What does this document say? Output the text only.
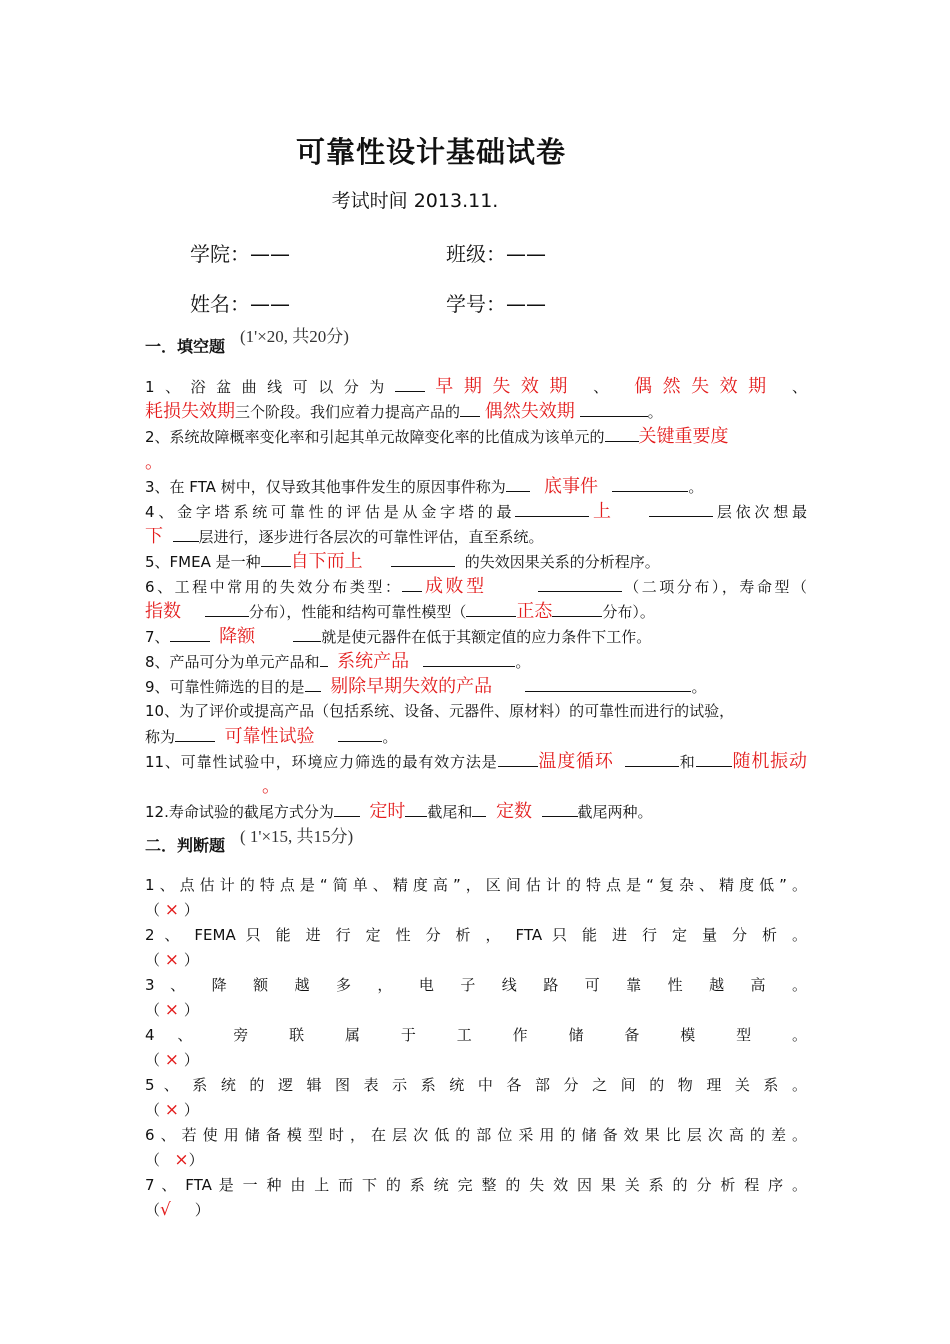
可靠性设计基础试卷
考试时间 2013.11.
学院：——	班级：——
姓名：——	学号：——
一．填空题
(1'×20, 共20分)
1、浴盆曲线可以分为 早期失效期 、 偶然失效期 、
耗损失效期三个阶段。我们应着力提高产品的 偶然失效期	。
2、系统故障概率变化率和引起其单元故障变化率的比值成为该单元的 关键重要度
。
3、在 FTA 树中，仅导致其他事件发生的原因事件称为 底事件	。
4、金字塔系统可靠性的评估是从金字塔的最	上	层依次想最
下 层进行，逐步进行各层次的可靠性评估，直至系统。
5、FMEA 是一种 自下而上	的失效因果关系的分析程序。
6、工程中常用的失效分布类型： 成败型	（二项分布），寿命型（
指数	分布），性能和结构可靠性模型（	正态	分布）。
7、	降额	就是使元器件在低于其额定值的应力条件下工作。
8、产品可分为单元产品和 系统产品	。
9、可靠性筛选的目的是 剔除早期失效的产品	。
10、为了评价或提高产品（包括系统、设备、元器件、原材料）的可靠性而进行的试验，
称为	可靠性试验	。
11、可靠性试验中，环境应力筛选的最有效方法是 温度循环	和 随机振动
。
12.寿命试验的截尾方式分为 定时 截尾和 定数	截尾两种。
二．判断题 ( 1'×15, 共15分)
1、点估计的特点是“简单、精度高”，区间估计的特点是“复杂、精度低”。
（ × ）
2 、 FEMA 只 能 进 行 定 性 分 析 ， FTA 只 能 进 行 定 量 分 析 。
（ × ）
3 、 降 额 越 多 ， 电 子 线 路 可 靠 性 越 高 。
（ × ）
4 、 旁 联 属 于 工 作 储 备 模 型 。
（ × ）
5 、 系 统 的 逻 辑 图 表 示 系 统 中 各 部 分 之 间 的 物 理 关 系 。
（ × ）
6、若使用储备模型时，在层次低的部位采用的储备效果比层次高的差。
（ ×）
7 、 FTA 是 一 种 由 上 而 下 的 系 统 完 整 的 失 效 因 果 关 系 的 分 析 程 序 。
（√ ）
